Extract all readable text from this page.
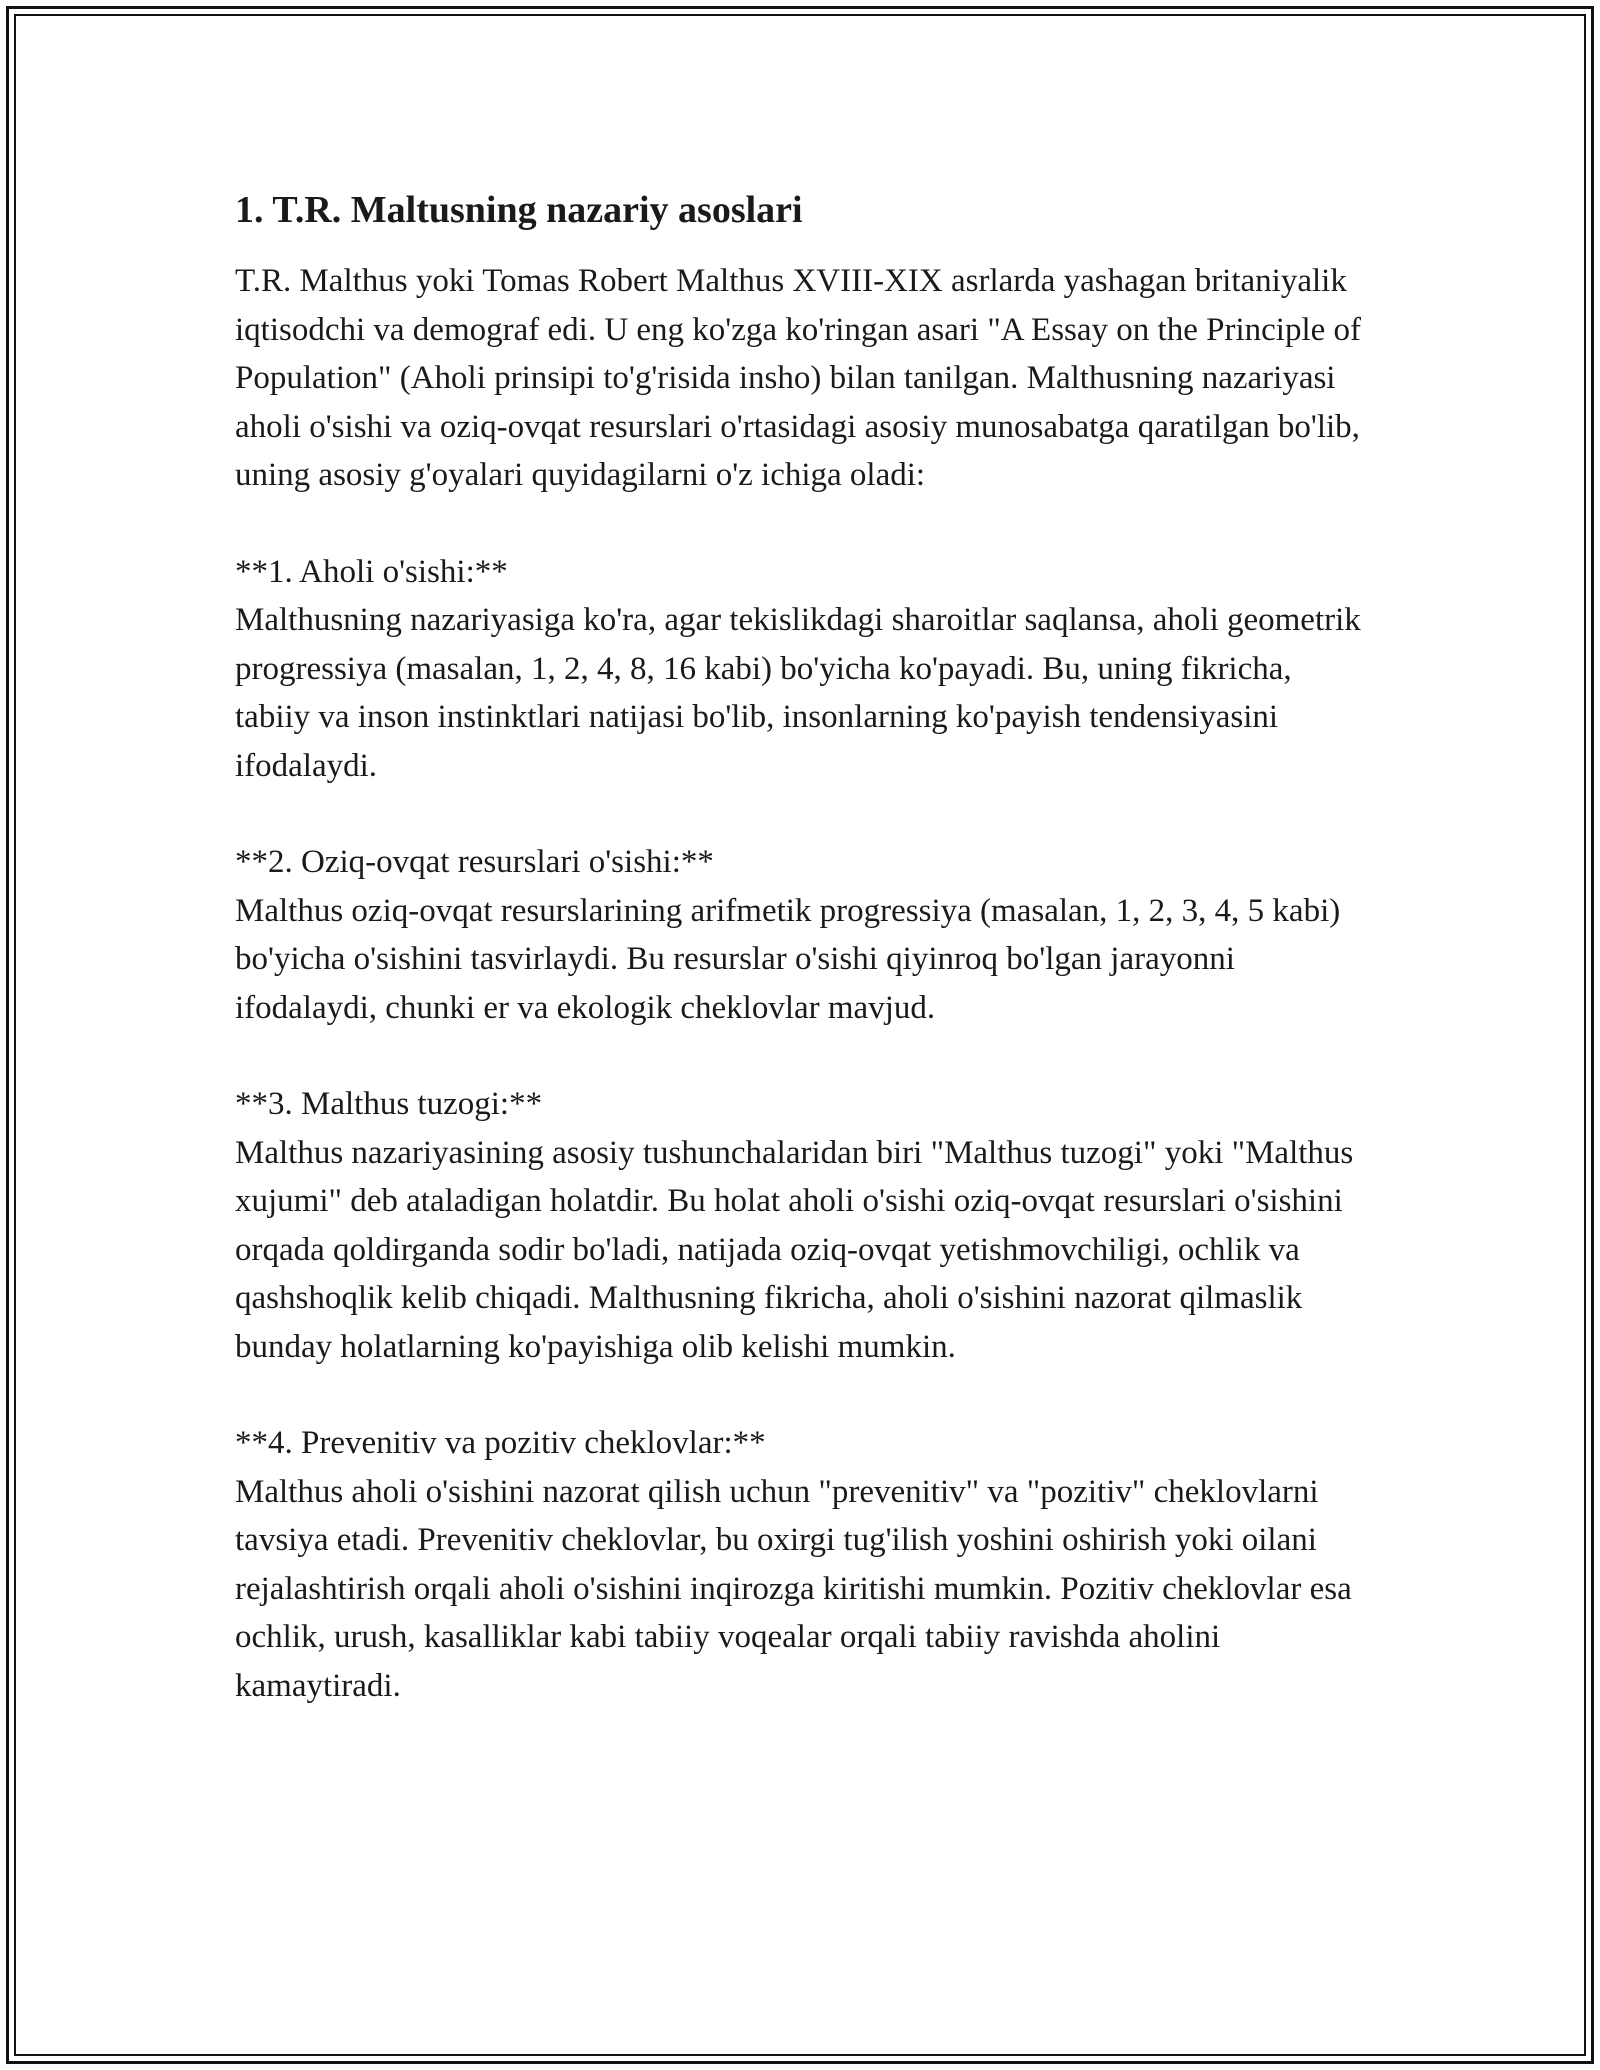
1. T.R. Maltusning nazariy asoslari

T.R. Malthus yoki Tomas Robert Malthus XVIII-XIX asrlarda yashagan britaniyalik iqtisodchi va demograf edi. U eng ko'zga ko'ringan asari "A Essay on the Principle of Population" (Aholi prinsipi to'g'risida insho) bilan tanilgan. Malthusning nazariyasi aholi o'sishi va oziq-ovqat resurslari o'rtasidagi asosiy munosabatga qaratilgan bo'lib, uning asosiy g'oyalari quyidagilarni o'z ichiga oladi:

**1. Aholi o'sishi:**

Malthusning nazariyasiga ko'ra, agar tekislikdagi sharoitlar saqlansa, aholi geometrik progressiya (masalan, 1, 2, 4, 8, 16 kabi) bo'yicha ko'payadi. Bu, uning fikricha, tabiiy va inson instinktlari natijasi bo'lib, insonlarning ko'payish tendensiyasini ifodalaydi.

**2. Oziq-ovqat resurslari o'sishi:**

Malthus oziq-ovqat resurslarining arifmetik progressiya (masalan, 1, 2, 3, 4, 5 kabi) bo'yicha o'sishini tasvirlaydi. Bu resurslar o'sishi qiyinroq bo'lgan jarayonni ifodalaydi, chunki er va ekologik cheklovlar mavjud.

**3. Malthus tuzogi:**

Malthus nazariyasining asosiy tushunchalaridan biri "Malthus tuzogi" yoki "Malthus xujumi" deb ataladigan holatdir. Bu holat aholi o'sishi oziq-ovqat resurslari o'sishini orqada qoldirganda sodir bo'ladi, natijada oziq-ovqat yetishmovchiligi, ochlik va qashshoqlik kelib chiqadi. Malthusning fikricha, aholi o'sishini nazorat qilmaslik bunday holatlarning ko'payishiga olib kelishi mumkin.

**4. Prevenitiv va pozitiv cheklovlar:**

Malthus aholi o'sishini nazorat qilish uchun "prevenitiv" va "pozitiv" cheklovlarni tavsiya etadi. Prevenitiv cheklovlar, bu oxirgi tug'ilish yoshini oshirish yoki oilani rejalashtirish orqali aholi o'sishini inqirozga kiritishi mumkin. Pozitiv cheklovlar esa ochlik, urush, kasalliklar kabi tabiiy voqealar orqali tabiiy ravishda aholini kamaytiradi.
